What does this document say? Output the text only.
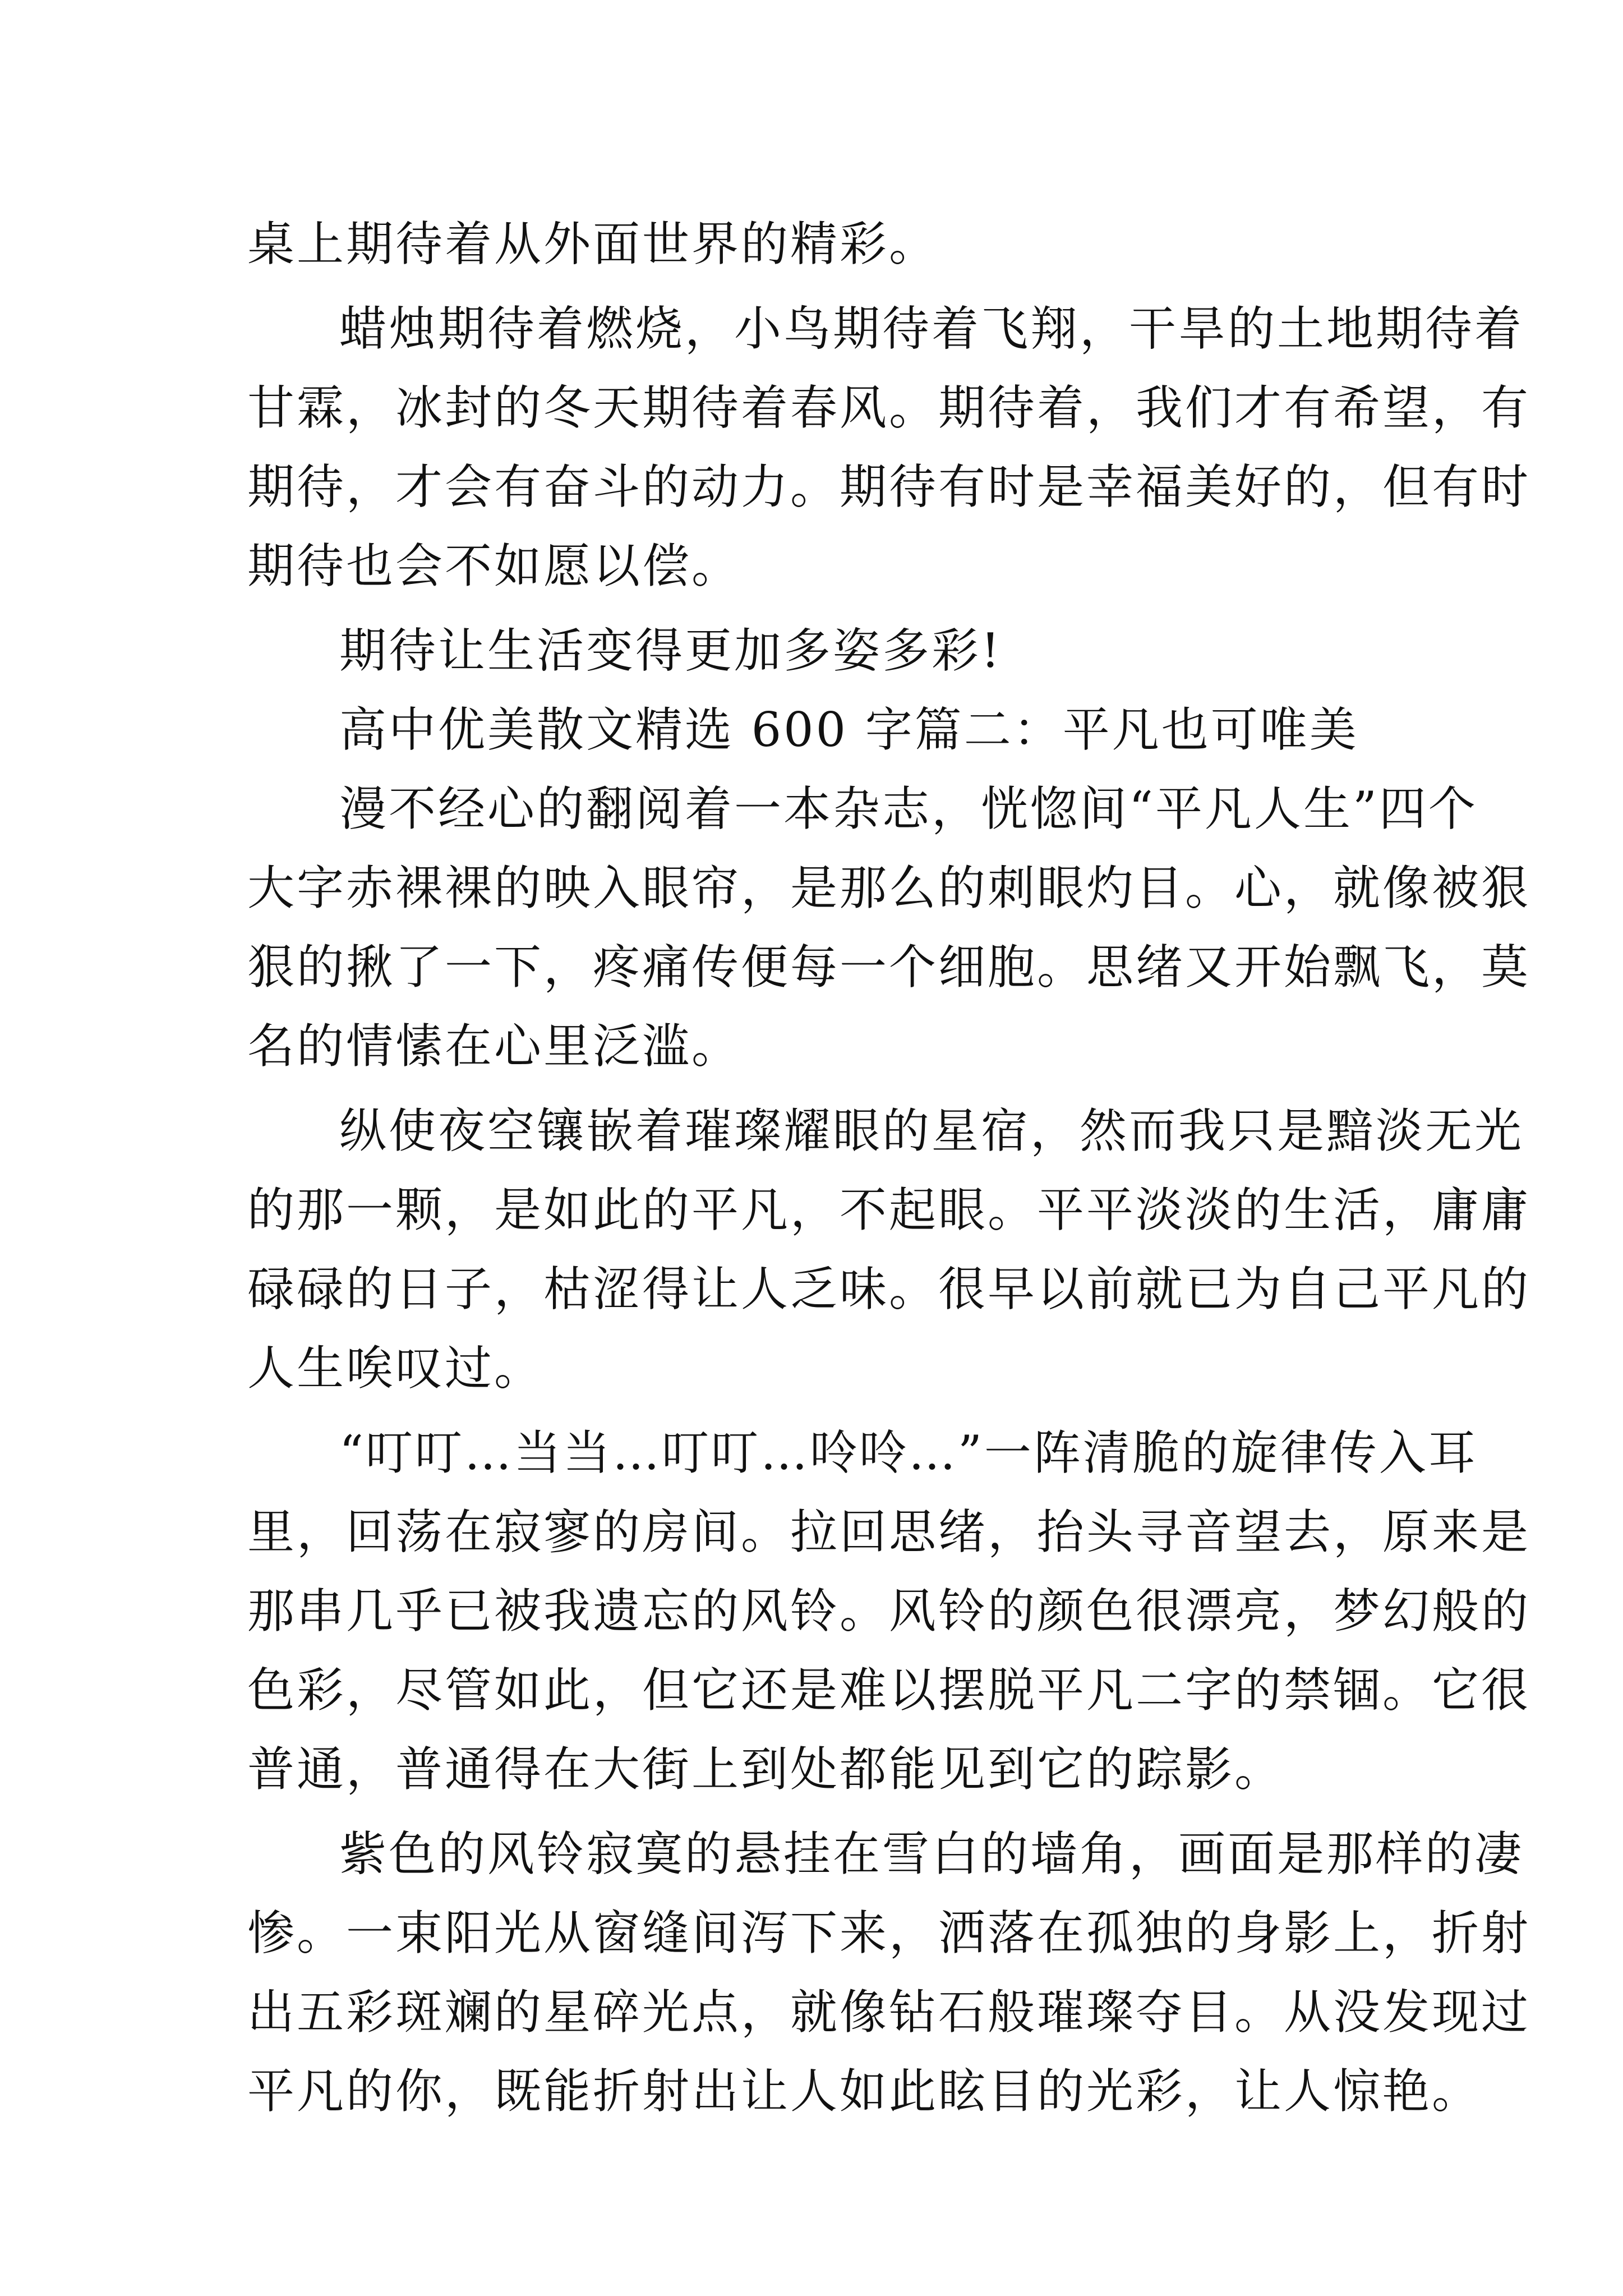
桌上期待着从外面世界的精彩。
蜡烛期待着燃烧，小鸟期待着飞翔，干旱的土地期待着
甘霖，冰封的冬天期待着春风。期待着，我们才有希望，有
期待，才会有奋斗的动力。期待有时是幸福美好的，但有时
期待也会不如愿以偿。
期待让生活变得更加多姿多彩!
高中优美散文精选 600 字篇二：平凡也可唯美
漫不经心的翻阅着一本杂志，恍惚间“平凡人生”四个
大字赤裸裸的映入眼帘，是那么的刺眼灼目。心，就像被狠
狠的揪了一下，疼痛传便每一个细胞。思绪又开始飘飞，莫
名的情愫在心里泛滥。
纵使夜空镶嵌着璀璨耀眼的星宿，然而我只是黯淡无光
的那一颗，是如此的平凡，不起眼。平平淡淡的生活，庸庸
碌碌的日子，枯涩得让人乏味。很早以前就已为自己平凡的
人生唉叹过。
“叮叮…当当…叮叮…呤呤…”一阵清脆的旋律传入耳
里，回荡在寂寥的房间。拉回思绪，抬头寻音望去，原来是
那串几乎已被我遗忘的风铃。风铃的颜色很漂亮，梦幻般的
色彩，尽管如此，但它还是难以摆脱平凡二字的禁锢。它很
普通，普通得在大街上到处都能见到它的踪影。
紫色的风铃寂寞的悬挂在雪白的墙角，画面是那样的凄
惨。一束阳光从窗缝间泻下来，洒落在孤独的身影上，折射
出五彩斑斓的星碎光点，就像钻石般璀璨夺目。从没发现过
平凡的你，既能折射出让人如此眩目的光彩，让人惊艳。
